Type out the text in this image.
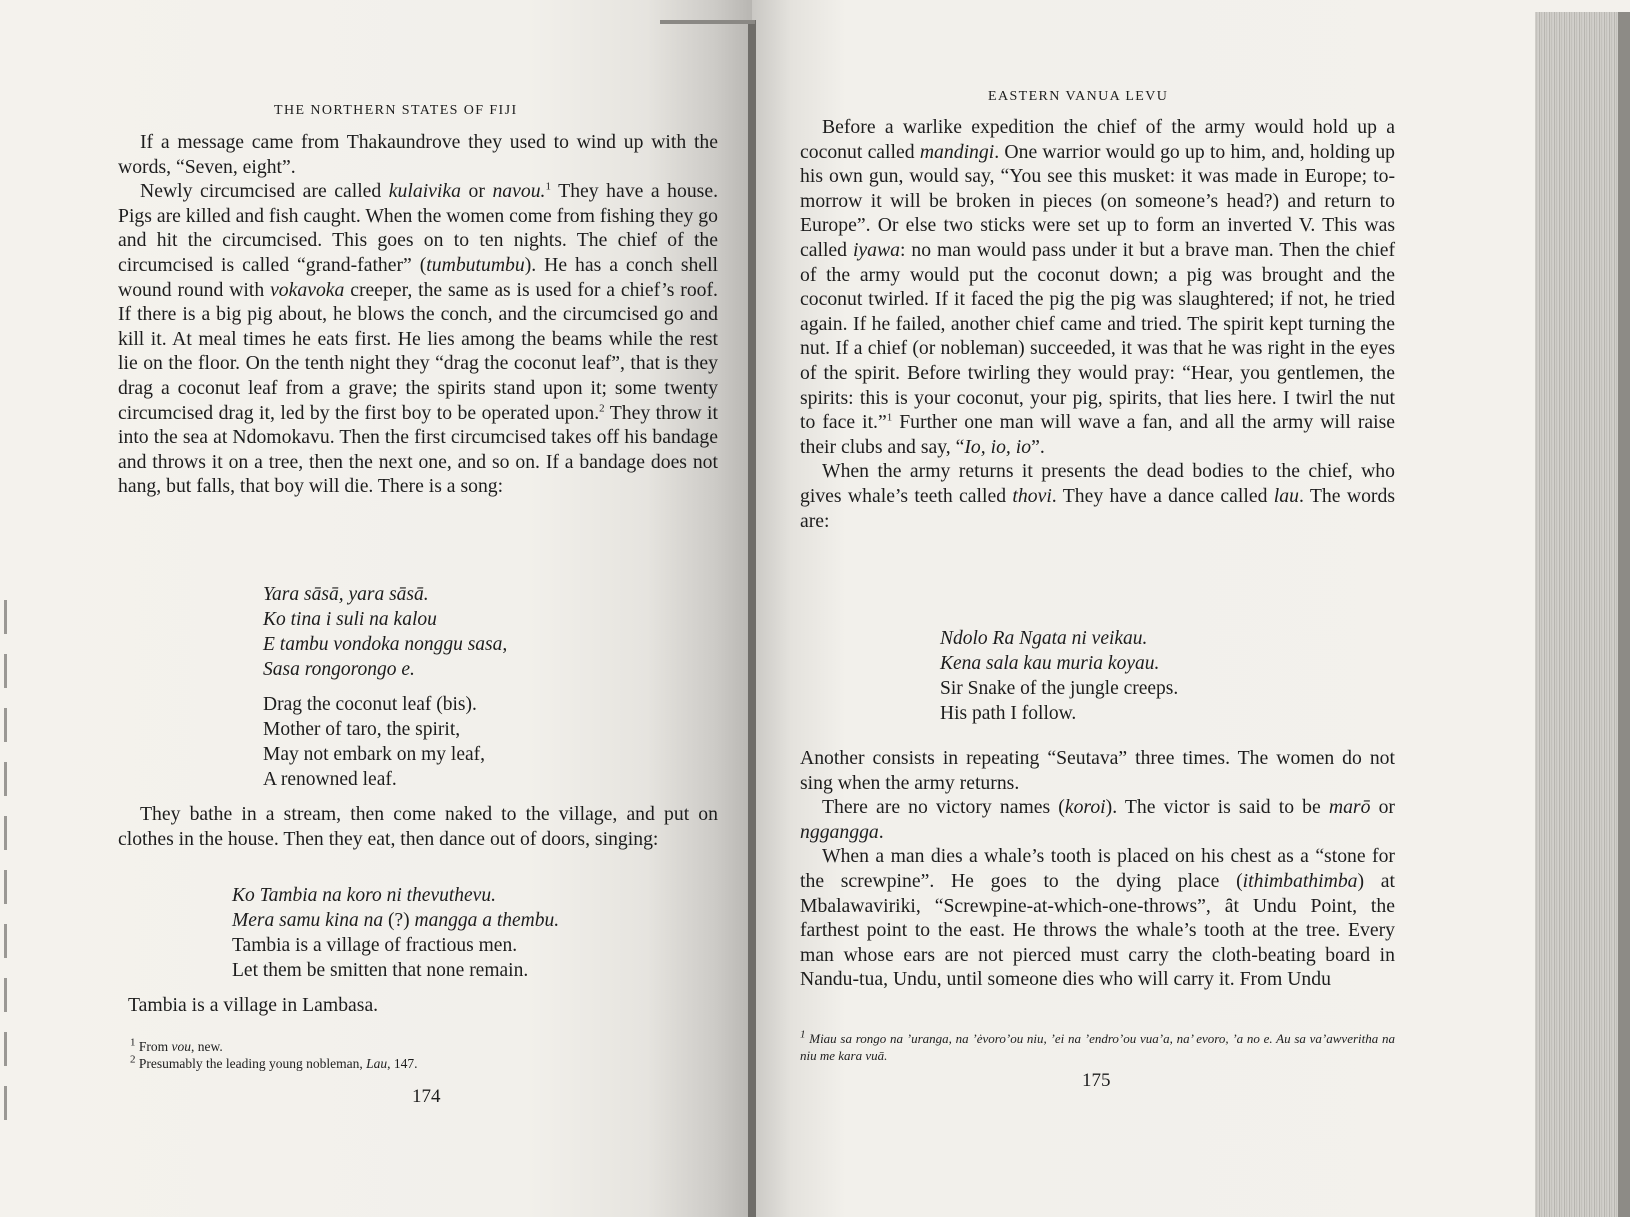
THE NORTHERN STATES OF FIJI

If a message came from Thakaundrove they used to wind up with the words, “Seven, eight”.

Newly circumcised are called kulaivika or navou.$^1$ They have a house. Pigs are killed and fish caught. When the women come from fishing they go and hit the circumcised. This goes on to ten nights. The chief of the circumcised is called “grand-father” (tumbutumbu). He has a conch shell wound round with vokavoka creeper, the same as is used for a chief’s roof. If there is a big pig about, he blows the conch, and the circumcised go and kill it. At meal times he eats first. He lies among the beams while the rest lie on the floor. On the tenth night they “drag the coconut leaf”, that is they drag a coconut leaf from a grave; the spirits stand upon it; some twenty circumcised drag it, led by the first boy to be operated upon.$^2$ They throw it into the sea at Ndomokavu. Then the first circumcised takes off his bandage and throws it on a tree, then the next one, and so on. If a bandage does not hang, but falls, that boy will die. There is a song:

Yara sāsā, yara sāsā.
Ko tina i suli na kalou
E tambu vondoka nonggu sasa,
Sasa rongorongo e.
Drag the coconut leaf (bis).
Mother of taro, the spirit,
May not embark on my leaf,
A renowned leaf.

They bathe in a stream, then come naked to the village, and put on clothes in the house. Then they eat, then dance out of doors, singing:

Ko Tambia na koro ni thevuthevu.
Mera samu kina na (?) mangga a thembu.
Tambia is a village of fractious men.
Let them be smitten that none remain.

Tambia is a village in Lambasa.

$^1$ From vou, new.
$^2$ Presumably the leading young nobleman, Lau, 147.
174
EASTERN VANUA LEVU

Before a warlike expedition the chief of the army would hold up a coconut called mandingi. One warrior would go up to him, and, holding up his own gun, would say, “You see this musket: it was made in Europe; to-morrow it will be broken in pieces (on someone’s head?) and return to Europe”. Or else two sticks were set up to form an inverted V. This was called iyawa: no man would pass under it but a brave man. Then the chief of the army would put the coconut down; a pig was brought and the coconut twirled. If it faced the pig the pig was slaughtered; if not, he tried again. If he failed, another chief came and tried. The spirit kept turning the nut. If a chief (or nobleman) succeeded, it was that he was right in the eyes of the spirit. Before twirling they would pray: “Hear, you gentlemen, the spirits: this is your coconut, your pig, spirits, that lies here. I twirl the nut to face it.”$^1$ Further one man will wave a fan, and all the army will raise their clubs and say, “Io, io, io”.

When the army returns it presents the dead bodies to the chief, who gives whale’s teeth called thovi. They have a dance called lau. The words are:

Ndolo Ra Ngata ni veikau.
Kena sala kau muria koyau.
Sir Snake of the jungle creeps.
His path I follow.

Another consists in repeating “Seutava” three times. The women do not sing when the army returns.

There are no victory names (koroi). The victor is said to be marō or nggangga.

When a man dies a whale’s tooth is placed on his chest as a “stone for the screwpine”. He goes to the dying place (ithimbathimba) at Mbalawaviriki, “Screwpine-at-which-one-throws”, ȃt Undu Point, the farthest point to the east. He throws the whale’s tooth at the tree. Every man whose ears are not pierced must carry the cloth-beating board in Nandu-tua, Undu, until someone dies who will carry it. From Undu

$^1$ Miau sa rongo na ’uranga, na ’ėvoro’ou niu, ’ei na ’endro’ou vua’a, na’ evoro, ’a no e. Au sa va’awveritha na niu me kara vuā.
175
